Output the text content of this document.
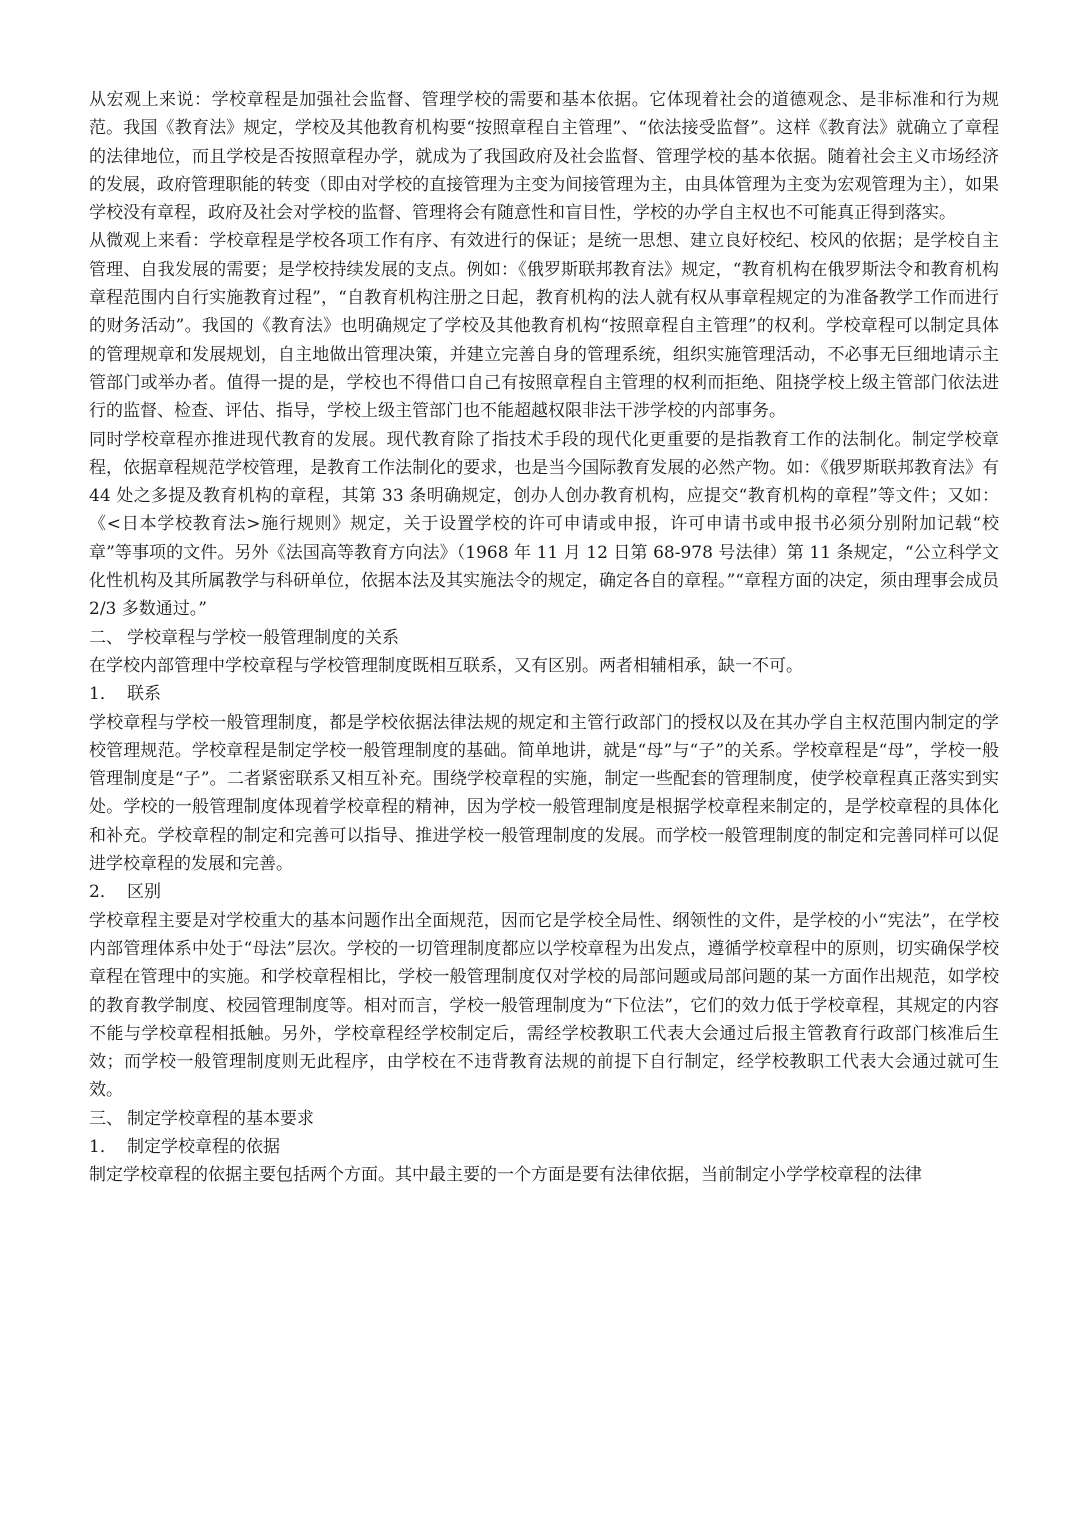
从宏观上来说：学校章程是加强社会监督、管理学校的需要和基本依据。它体现着社会的道德观念、是非标准和行为规范。我国《教育法》规定，学校及其他教育机构要“按照章程自主管理”、“依法接受监督”。这样《教育法》就确立了章程的法律地位，而且学校是否按照章程办学，就成为了我国政府及社会监督、管理学校的基本依据。随着社会主义市场经济的发展，政府管理职能的转变（即由对学校的直接管理为主变为间接管理为主，由具体管理为主变为宏观管理为主），如果学校没有章程，政府及社会对学校的监督、管理将会有随意性和盲目性，学校的办学自主权也不可能真正得到落实。

从微观上来看：学校章程是学校各项工作有序、有效进行的保证；是统一思想、建立良好校纪、校风的依据；是学校自主管理、自我发展的需要；是学校持续发展的支点。例如：《俄罗斯联邦教育法》规定，“教育机构在俄罗斯法令和教育机构章程范围内自行实施教育过程”，“自教育机构注册之日起，教育机构的法人就有权从事章程规定的为准备教学工作而进行的财务活动”。我国的《教育法》也明确规定了学校及其他教育机构“按照章程自主管理”的权利。学校章程可以制定具体的管理规章和发展规划，自主地做出管理决策，并建立完善自身的管理系统，组织实施管理活动，不必事无巨细地请示主管部门或举办者。值得一提的是，学校也不得借口自己有按照章程自主管理的权利而拒绝、阻挠学校上级主管部门依法进行的监督、检查、评估、指导，学校上级主管部门也不能超越权限非法干涉学校的内部事务。

同时学校章程亦推进现代教育的发展。现代教育除了指技术手段的现代化更重要的是指教育工作的法制化。制定学校章程，依据章程规范学校管理，是教育工作法制化的要求，也是当今国际教育发展的必然产物。如：《俄罗斯联邦教育法》有 44 处之多提及教育机构的章程，其第 33 条明确规定，创办人创办教育机构，应提交“教育机构的章程”等文件；又如：《<日本学校教育法>施行规则》规定，关于设置学校的许可申请或申报，许可申请书或申报书必须分别附加记载“校章”等事项的文件。另外《法国高等教育方向法》（1968 年 11 月 12 日第 68-978 号法律）第 11 条规定，“公立科学文化性机构及其所属教学与科研单位，依据本法及其实施法令的规定，确定各自的章程。”“章程方面的决定，须由理事会成员 2/3 多数通过。”

二、 学校章程与学校一般管理制度的关系

在学校内部管理中学校章程与学校管理制度既相互联系，又有区别。两者相辅相承，缺一不可。

1． 联系

学校章程与学校一般管理制度，都是学校依据法律法规的规定和主管行政部门的授权以及在其办学自主权范围内制定的学校管理规范。学校章程是制定学校一般管理制度的基础。简单地讲，就是“母”与“子”的关系。学校章程是“母”，学校一般管理制度是“子”。二者紧密联系又相互补充。围绕学校章程的实施，制定一些配套的管理制度，使学校章程真正落实到实处。学校的一般管理制度体现着学校章程的精神，因为学校一般管理制度是根据学校章程来制定的，是学校章程的具体化和补充。学校章程的制定和完善可以指导、推进学校一般管理制度的发展。而学校一般管理制度的制定和完善同样可以促进学校章程的发展和完善。

2． 区别

学校章程主要是对学校重大的基本问题作出全面规范，因而它是学校全局性、纲领性的文件，是学校的小“宪法”，在学校内部管理体系中处于“母法”层次。学校的一切管理制度都应以学校章程为出发点，遵循学校章程中的原则，切实确保学校章程在管理中的实施。和学校章程相比，学校一般管理制度仅对学校的局部问题或局部问题的某一方面作出规范，如学校的教育教学制度、校园管理制度等。相对而言，学校一般管理制度为“下位法”，它们的效力低于学校章程，其规定的内容不能与学校章程相抵触。另外，学校章程经学校制定后，需经学校教职工代表大会通过后报主管教育行政部门核准后生效；而学校一般管理制度则无此程序，由学校在不违背教育法规的前提下自行制定，经学校教职工代表大会通过就可生效。

三、 制定学校章程的基本要求

1． 制定学校章程的依据

制定学校章程的依据主要包括两个方面。其中最主要的一个方面是要有法律依据，当前制定小学学校章程的法律
